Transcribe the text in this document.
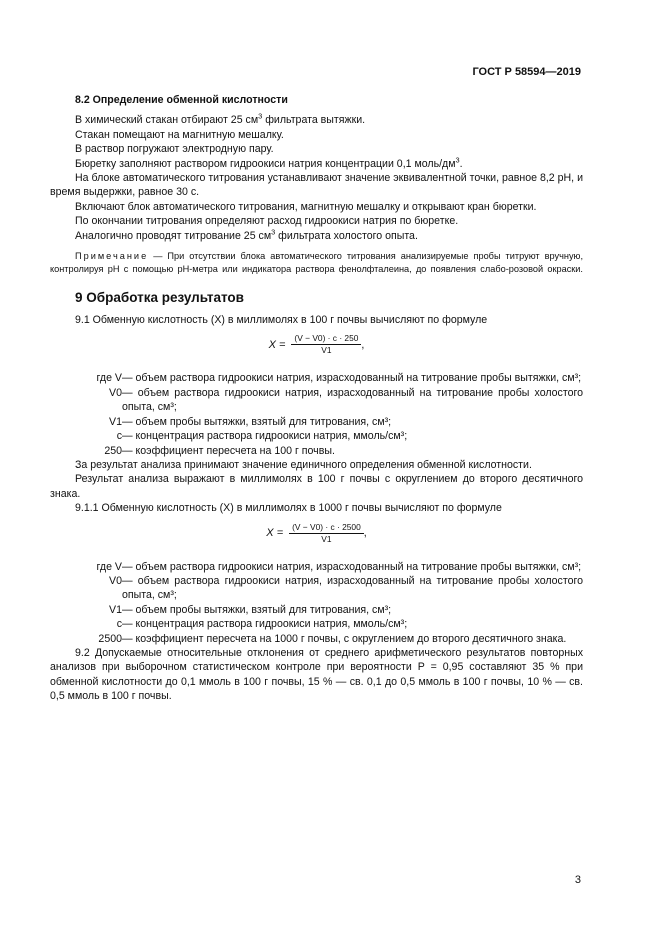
ГОСТ Р 58594—2019

8.2 Определение обменной кислотности

В химический стакан отбирают 25 $см^3$ фильтрата вытяжки.

Стакан помещают на магнитную мешалку.

В раствор погружают электродную пару.

Бюретку заполняют раствором гидроокиси натрия концентрации 0,1 моль/$дм^3$.

На блоке автоматического титрования устанавливают значение эквивалентной точки, равное 8,2 pH, и время выдержки, равное 30 с.

Включают блок автоматического титрования, магнитную мешалку и открывают кран бюретки.

По окончании титрования определяют расход гидроокиси натрия по бюретке.

Аналогично проводят титрование 25 $см^3$ фильтрата холостого опыта.

Примечание — При отсутствии блока автоматического титрования анализируемые пробы титруют вручную, контролируя pH с помощью pH-метра или индикатора раствора фенолфталеина, до появления слабо-розовой окраски.

9 Обработка результатов

9.1 Обменную кислотность (X) в миллимолях в 100 г почвы вычисляют по формуле

$X = \frac{(V - V0) \cdot c \cdot 250}{V1}$ ,
где V — объем раствора гидроокиси натрия, израсходованный на титрование пробы вытяжки, см³;
V0 — объем раствора гидроокиси натрия, израсходованный на титрование пробы холостого опыта, см³;
V1 — объем пробы вытяжки, взятый для титрования, см³;
c — концентрация раствора гидроокиси натрия, ммоль/см³;
250 — коэффициент пересчета на 100 г почвы.

За результат анализа принимают значение единичного определения обменной кислотности.

Результат анализа выражают в миллимолях в 100 г почвы с округлением до второго десятичного знака.

9.1.1 Обменную кислотность (X) в миллимолях в 1000 г почвы вычисляют по формуле

$X = \frac{(V - V0) \cdot c \cdot 2500}{V1}$ ,
где V — объем раствора гидроокиси натрия, израсходованный на титрование пробы вытяжки, см³;
V0 — объем раствора гидроокиси натрия, израсходованный на титрование пробы холостого опыта, см³;
V1 — объем пробы вытяжки, взятый для титрования, см³;
c — концентрация раствора гидроокиси натрия, ммоль/см³;
2500 — коэффициент пересчета на 1000 г почвы, с округлением до второго десятичного знака.

9.2 Допускаемые относительные отклонения от среднего арифметического результатов повторных анализов при выборочном статистическом контроле при вероятности P = 0,95 составляют 35 % при обменной кислотности до 0,1 ммоль в 100 г почвы, 15 % — св. 0,1 до 0,5 ммоль в 100 г почвы, 10 % — св. 0,5 ммоль в 100 г почвы.

3
